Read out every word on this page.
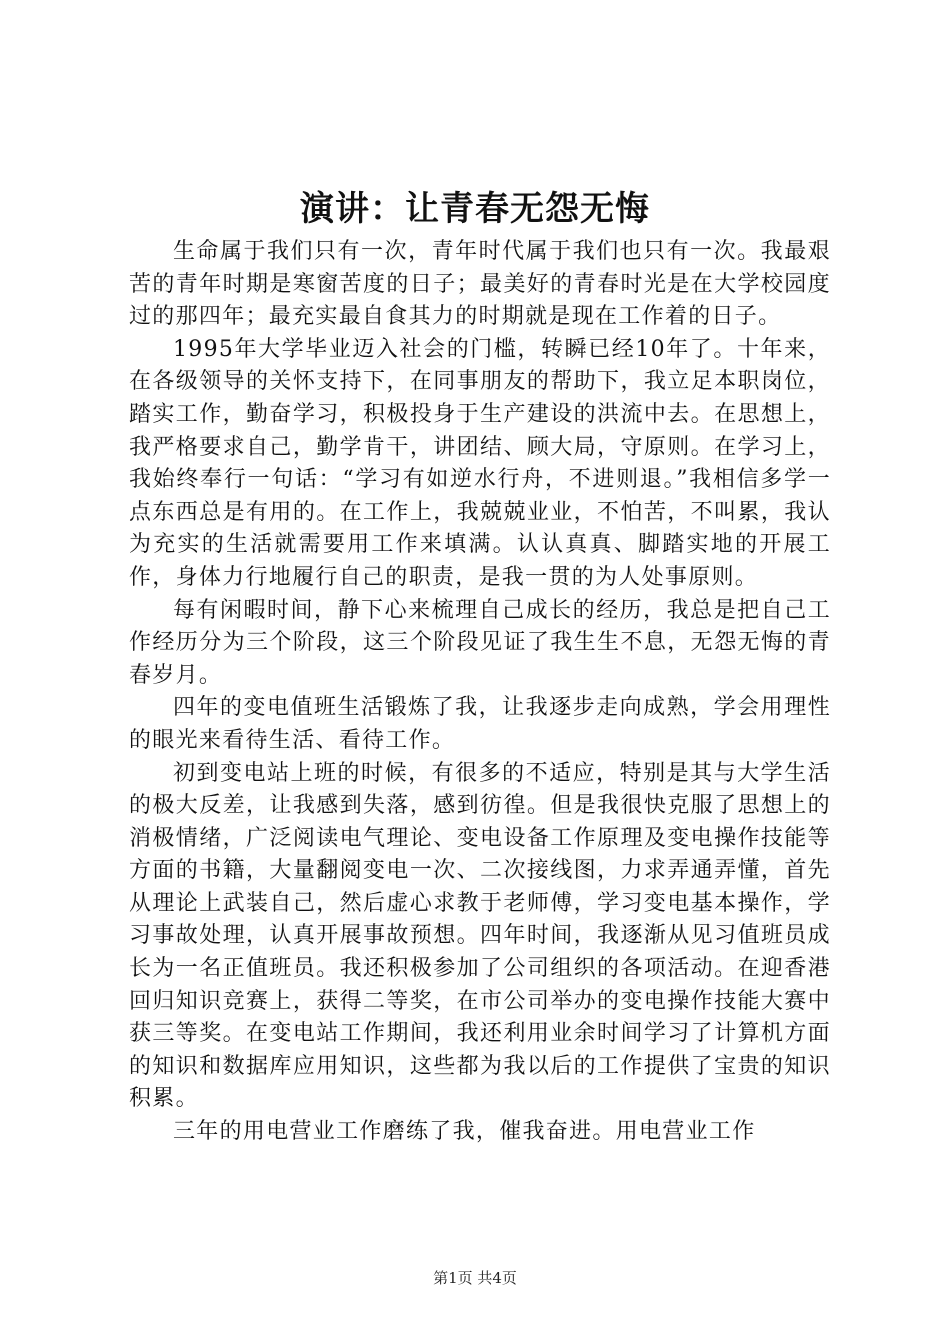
演讲：让青春无怨无悔

生命属于我们只有一次，青年时代属于我们也只有一次。我最艰苦的青年时期是寒窗苦度的日子；最美好的青春时光是在大学校园度过的那四年；最充实最自食其力的时期就是现在工作着的日子。

1995年大学毕业迈入社会的门槛，转瞬已经10年了。十年来，在各级领导的关怀支持下，在同事朋友的帮助下，我立足本职岗位，踏实工作，勤奋学习，积极投身于生产建设的洪流中去。在思想上，我严格要求自己，勤学肯干，讲团结、顾大局，守原则。在学习上，我始终奉行一句话：“学习有如逆水行舟，不进则退。”我相信多学一点东西总是有用的。在工作上，我兢兢业业，不怕苦，不叫累，我认为充实的生活就需要用工作来填满。认认真真、脚踏实地的开展工作，身体力行地履行自己的职责，是我一贯的为人处事原则。

每有闲暇时间，静下心来梳理自己成长的经历，我总是把自己工作经历分为三个阶段，这三个阶段见证了我生生不息，无怨无悔的青春岁月。

四年的变电值班生活锻炼了我，让我逐步走向成熟，学会用理性的眼光来看待生活、看待工作。

初到变电站上班的时候，有很多的不适应，特别是其与大学生活的极大反差，让我感到失落，感到彷徨。但是我很快克服了思想上的消极情绪，广泛阅读电气理论、变电设备工作原理及变电操作技能等方面的书籍，大量翻阅变电一次、二次接线图，力求弄通弄懂，首先从理论上武装自己，然后虚心求教于老师傅，学习变电基本操作，学习事故处理，认真开展事故预想。四年时间，我逐渐从见习值班员成长为一名正值班员。我还积极参加了公司组织的各项活动。在迎香港回归知识竞赛上，获得二等奖，在市公司举办的变电操作技能大赛中获三等奖。在变电站工作期间，我还利用业余时间学习了计算机方面的知识和数据库应用知识，这些都为我以后的工作提供了宝贵的知识积累。

三年的用电营业工作磨练了我，催我奋进。用电营业工作

第1页 共4页
